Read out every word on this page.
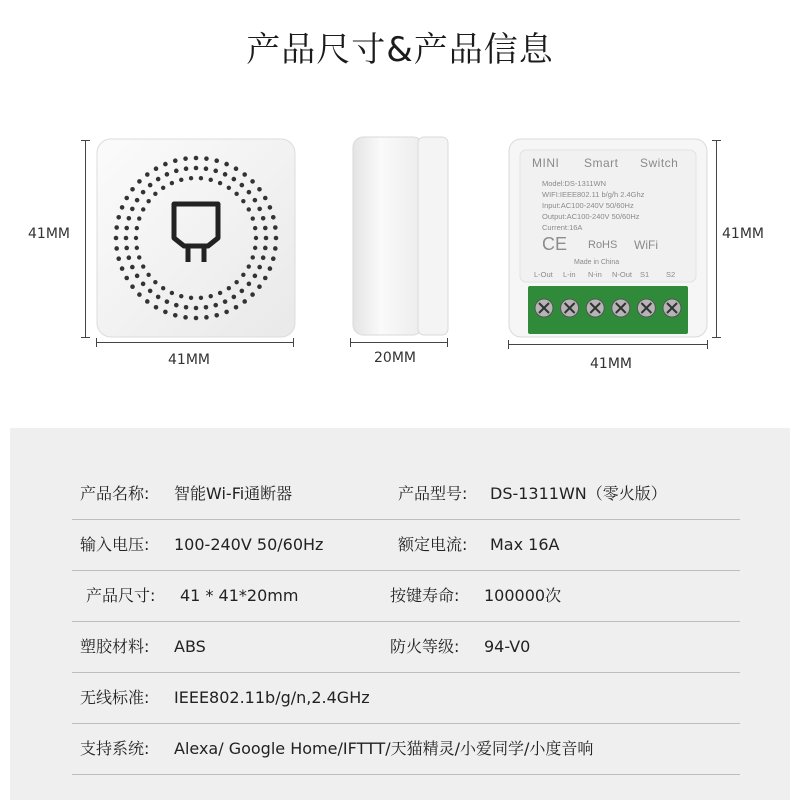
产品尺寸&产品信息
41MM
41MM	20MM
MINI Smart Switch
Model:DS-1311WN
WIFI:IEEE802.11 b/g/h 2.4Ghz
Input:AC100-240V 50/60Hz
Output:AC100-240V 50/60Hz
Current:16A
CE RoHS WiFi
Made in China
L-Out L-in N-in N-Out S1 S2
41MM
41MM
产品名称: 智能Wi-Fi通断器	产品型号: DS-1311WN（零火版）
输入电压: 100-240V 50/60Hz	额定电流: Max 16A
产品尺寸: 41 * 41*20mm	按键寿命: 100000次
塑胶材料: ABS	防火等级: 94-V0
无线标准: IEEE802.11b/g/n,2.4GHz
支持系统: Alexa/ Google Home/IFTTT/天猫精灵/小爱同学/小度音响
